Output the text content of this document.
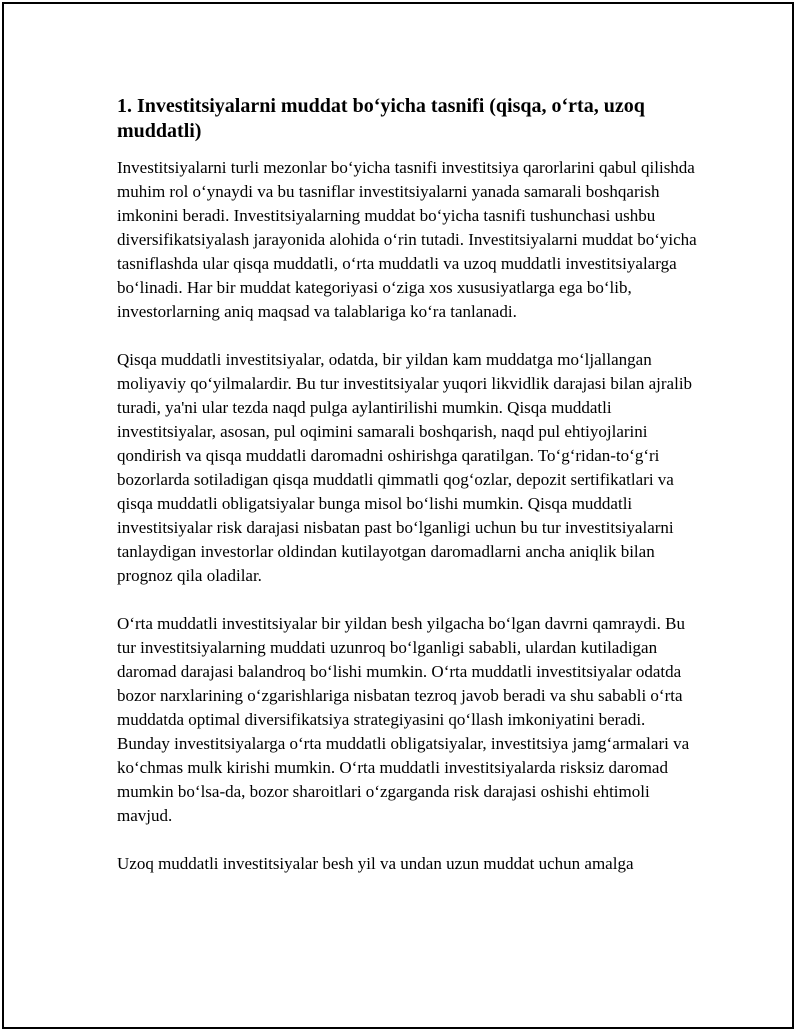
1. Investitsiyalarni muddat bo‘yicha tasnifi (qisqa, o‘rta, uzoq muddatli)

Investitsiyalarni turli mezonlar bo‘yicha tasnifi investitsiya qarorlarini qabul qilishda muhim rol o‘ynaydi va bu tasniflar investitsiyalarni yanada samarali boshqarish imkonini beradi. Investitsiyalarning muddat bo‘yicha tasnifi tushunchasi ushbu diversifikatsiyalash jarayonida alohida o‘rin tutadi. Investitsiyalarni muddat bo‘yicha tasniflashda ular qisqa muddatli, o‘rta muddatli va uzoq muddatli investitsiyalarga bo‘linadi. Har bir muddat kategoriyasi o‘ziga xos xususiyatlarga ega bo‘lib, investorlarning aniq maqsad va talablariga ko‘ra tanlanadi.

Qisqa muddatli investitsiyalar, odatda, bir yildan kam muddatga mo‘ljallangan moliyaviy qo‘yilmalardir. Bu tur investitsiyalar yuqori likvidlik darajasi bilan ajralib turadi, ya'ni ular tezda naqd pulga aylantirilishi mumkin. Qisqa muddatli investitsiyalar, asosan, pul oqimini samarali boshqarish, naqd pul ehtiyojlarini qondirish va qisqa muddatli daromadni oshirishga qaratilgan. To‘g‘ridan-to‘g‘ri bozorlarda sotiladigan qisqa muddatli qimmatli qog‘ozlar, depozit sertifikatlari va qisqa muddatli obligatsiyalar bunga misol bo‘lishi mumkin. Qisqa muddatli investitsiyalar risk darajasi nisbatan past bo‘lganligi uchun bu tur investitsiyalarni tanlaydigan investorlar oldindan kutilayotgan daromadlarni ancha aniqlik bilan prognoz qila oladilar.

O‘rta muddatli investitsiyalar bir yildan besh yilgacha bo‘lgan davrni qamraydi. Bu tur investitsiyalarning muddati uzunroq bo‘lganligi sababli, ulardan kutiladigan daromad darajasi balandroq bo‘lishi mumkin. O‘rta muddatli investitsiyalar odatda bozor narxlarining o‘zgarishlariga nisbatan tezroq javob beradi va shu sababli o‘rta muddatda optimal diversifikatsiya strategiyasini qo‘llash imkoniyatini beradi. Bunday investitsiyalarga o‘rta muddatli obligatsiyalar, investitsiya jamg‘armalari va ko‘chmas mulk kirishi mumkin. O‘rta muddatli investitsiyalarda risksiz daromad mumkin bo‘lsa-da, bozor sharoitlari o‘zgarganda risk darajasi oshishi ehtimoli mavjud.

Uzoq muddatli investitsiyalar besh yil va undan uzun muddat uchun amalga
